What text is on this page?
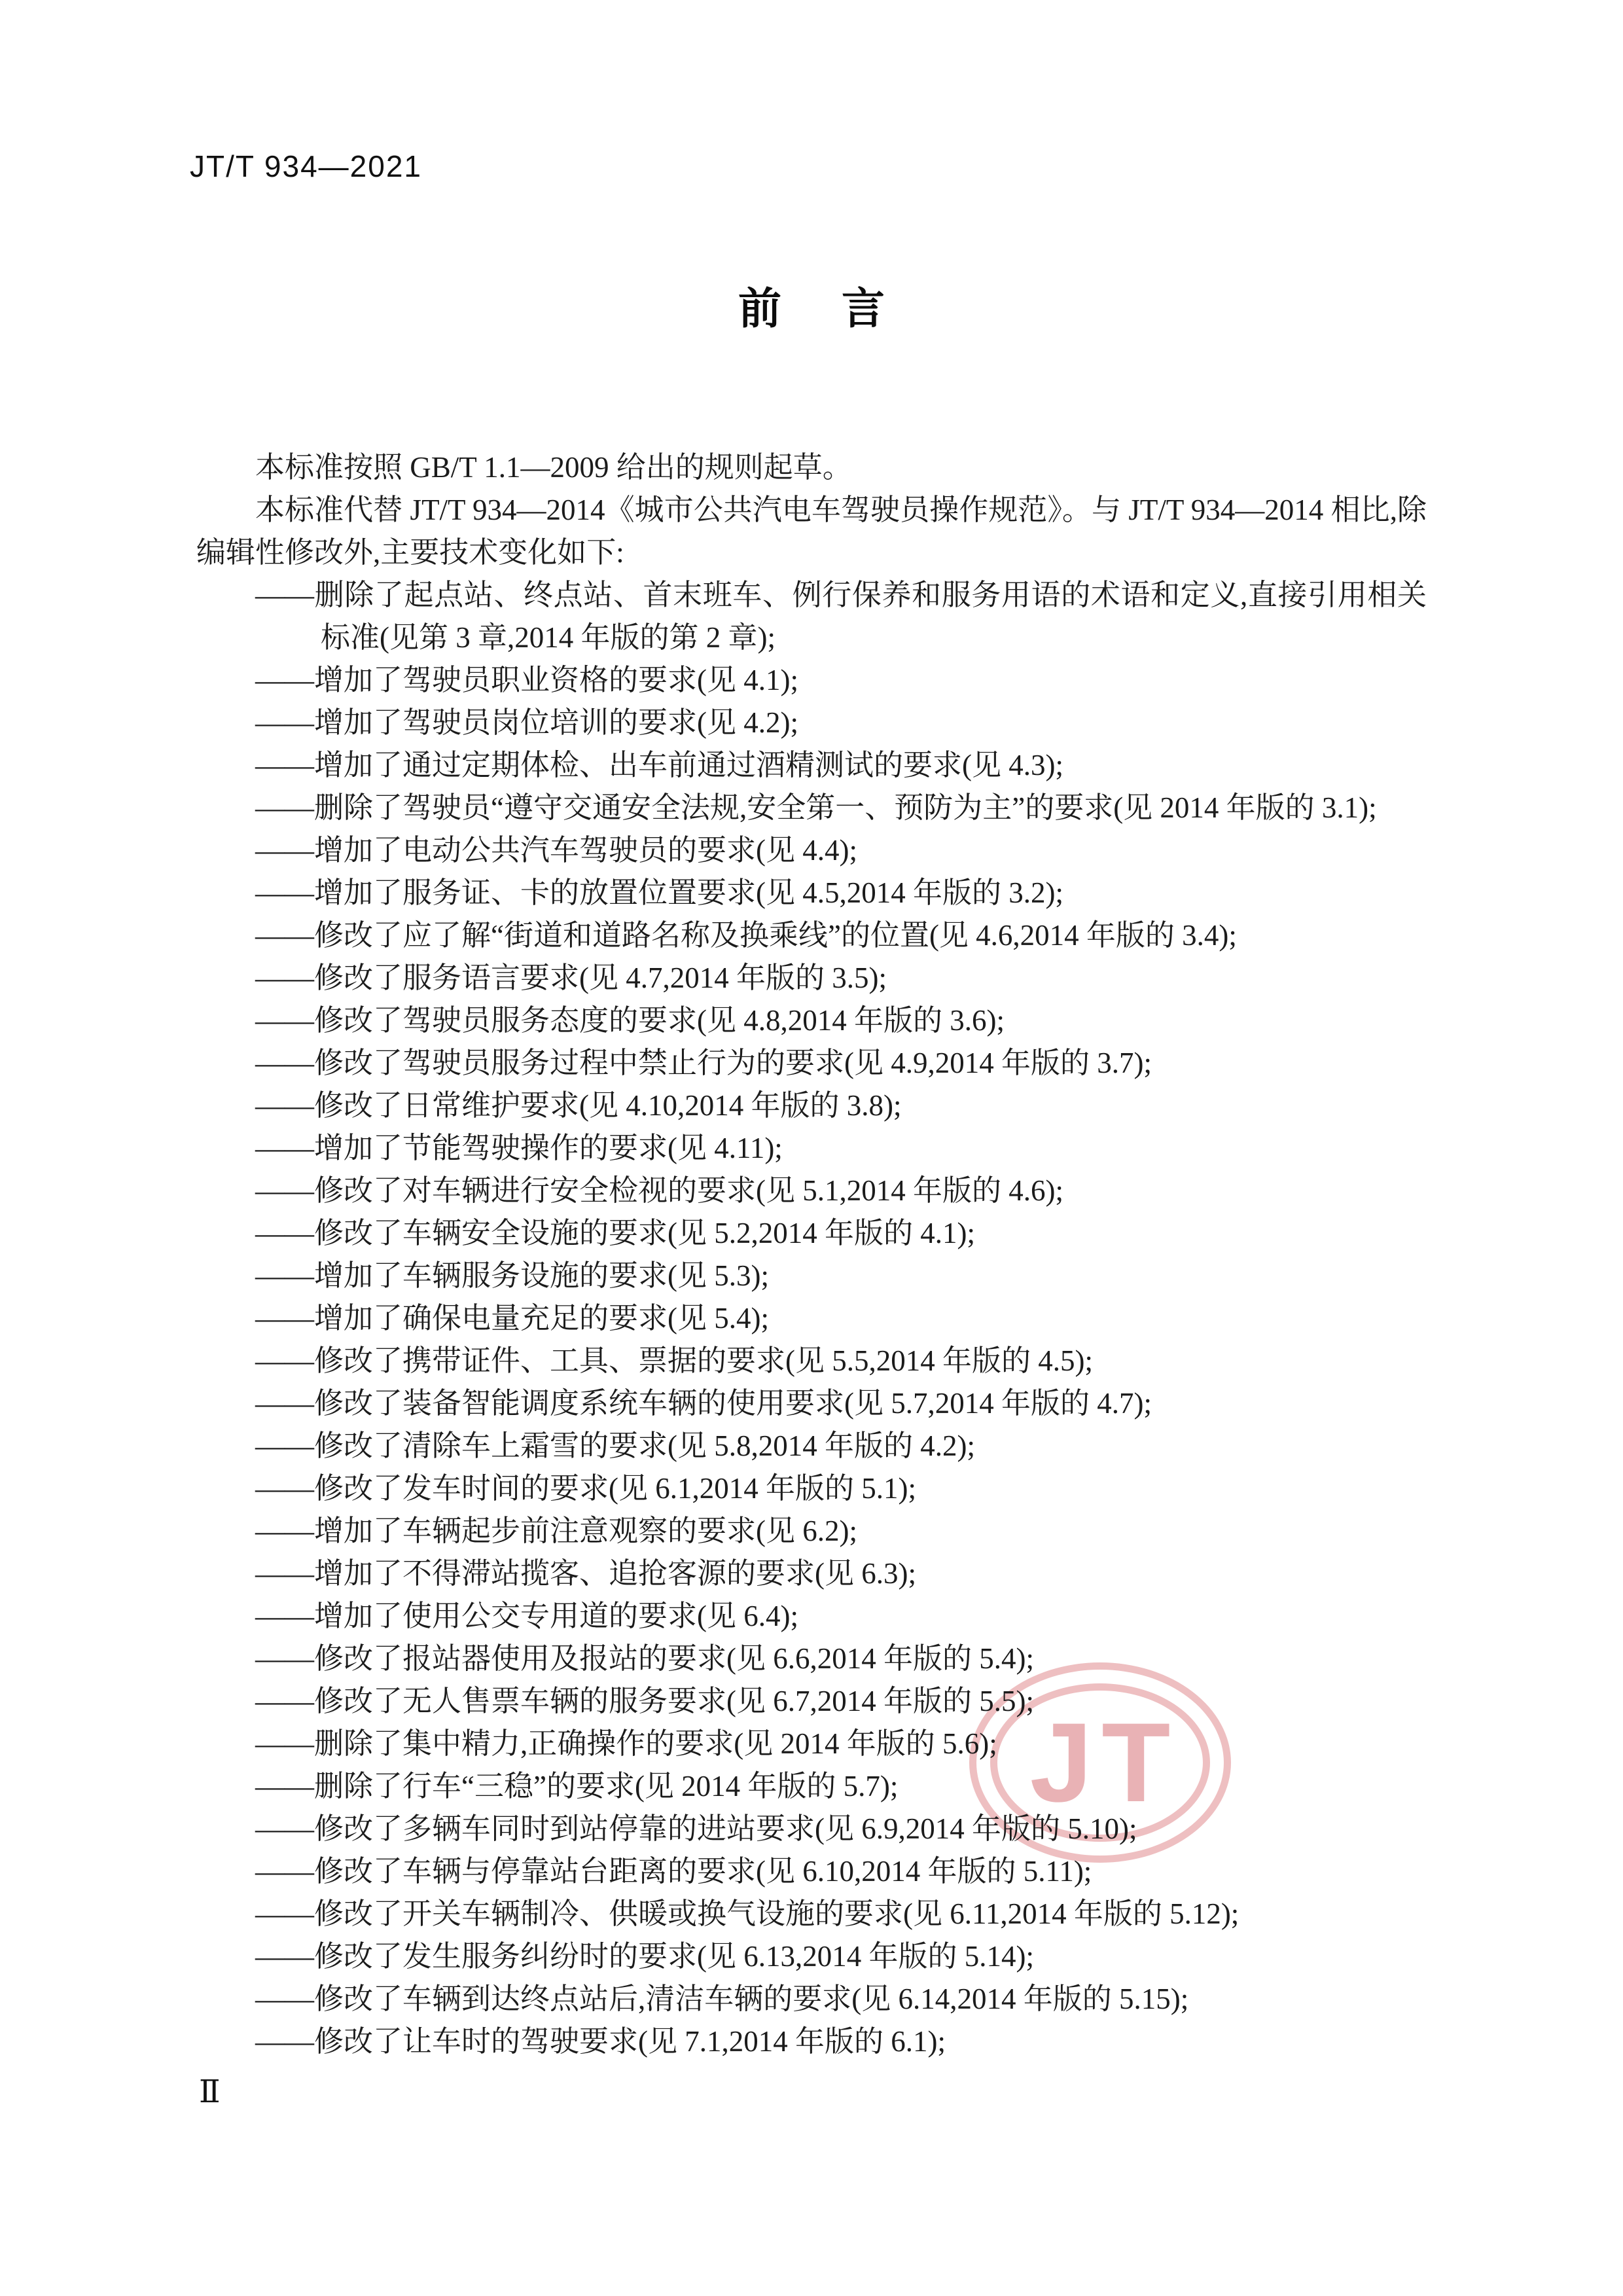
JT/T 934—2021
前 言
JT

本标准按照 GB/T 1.1—2009 给出的规则起草。

本标准代替 JT/T 934—2014《城市公共汽电车驾驶员操作规范》。与 JT/T 934—2014 相比,除编辑性修改外,主要技术变化如下:

——删除了起点站、终点站、首末班车、例行保养和服务用语的术语和定义,直接引用相关标准(见第 3 章,2014 年版的第 2 章);
——增加了驾驶员职业资格的要求(见 4.1);
——增加了驾驶员岗位培训的要求(见 4.2);
——增加了通过定期体检、出车前通过酒精测试的要求(见 4.3);
——删除了驾驶员“遵守交通安全法规,安全第一、预防为主”的要求(见 2014 年版的 3.1);
——增加了电动公共汽车驾驶员的要求(见 4.4);
——增加了服务证、卡的放置位置要求(见 4.5,2014 年版的 3.2);
——修改了应了解“街道和道路名称及换乘线”的位置(见 4.6,2014 年版的 3.4);
——修改了服务语言要求(见 4.7,2014 年版的 3.5);
——修改了驾驶员服务态度的要求(见 4.8,2014 年版的 3.6);
——修改了驾驶员服务过程中禁止行为的要求(见 4.9,2014 年版的 3.7);
——修改了日常维护要求(见 4.10,2014 年版的 3.8);
——增加了节能驾驶操作的要求(见 4.11);
——修改了对车辆进行安全检视的要求(见 5.1,2014 年版的 4.6);
——修改了车辆安全设施的要求(见 5.2,2014 年版的 4.1);
——增加了车辆服务设施的要求(见 5.3);
——增加了确保电量充足的要求(见 5.4);
——修改了携带证件、工具、票据的要求(见 5.5,2014 年版的 4.5);
——修改了装备智能调度系统车辆的使用要求(见 5.7,2014 年版的 4.7);
——修改了清除车上霜雪的要求(见 5.8,2014 年版的 4.2);
——修改了发车时间的要求(见 6.1,2014 年版的 5.1);
——增加了车辆起步前注意观察的要求(见 6.2);
——增加了不得滞站揽客、追抢客源的要求(见 6.3);
——增加了使用公交专用道的要求(见 6.4);
——修改了报站器使用及报站的要求(见 6.6,2014 年版的 5.4);
——修改了无人售票车辆的服务要求(见 6.7,2014 年版的 5.5);
——删除了集中精力,正确操作的要求(见 2014 年版的 5.6);
——删除了行车“三稳”的要求(见 2014 年版的 5.7);
——修改了多辆车同时到站停靠的进站要求(见 6.9,2014 年版的 5.10);
——修改了车辆与停靠站台距离的要求(见 6.10,2014 年版的 5.11);
——修改了开关车辆制冷、供暖或换气设施的要求(见 6.11,2014 年版的 5.12);
——修改了发生服务纠纷时的要求(见 6.13,2014 年版的 5.14);
——修改了车辆到达终点站后,清洁车辆的要求(见 6.14,2014 年版的 5.15);
——修改了让车时的驾驶要求(见 7.1,2014 年版的 6.1);
Ⅱ
